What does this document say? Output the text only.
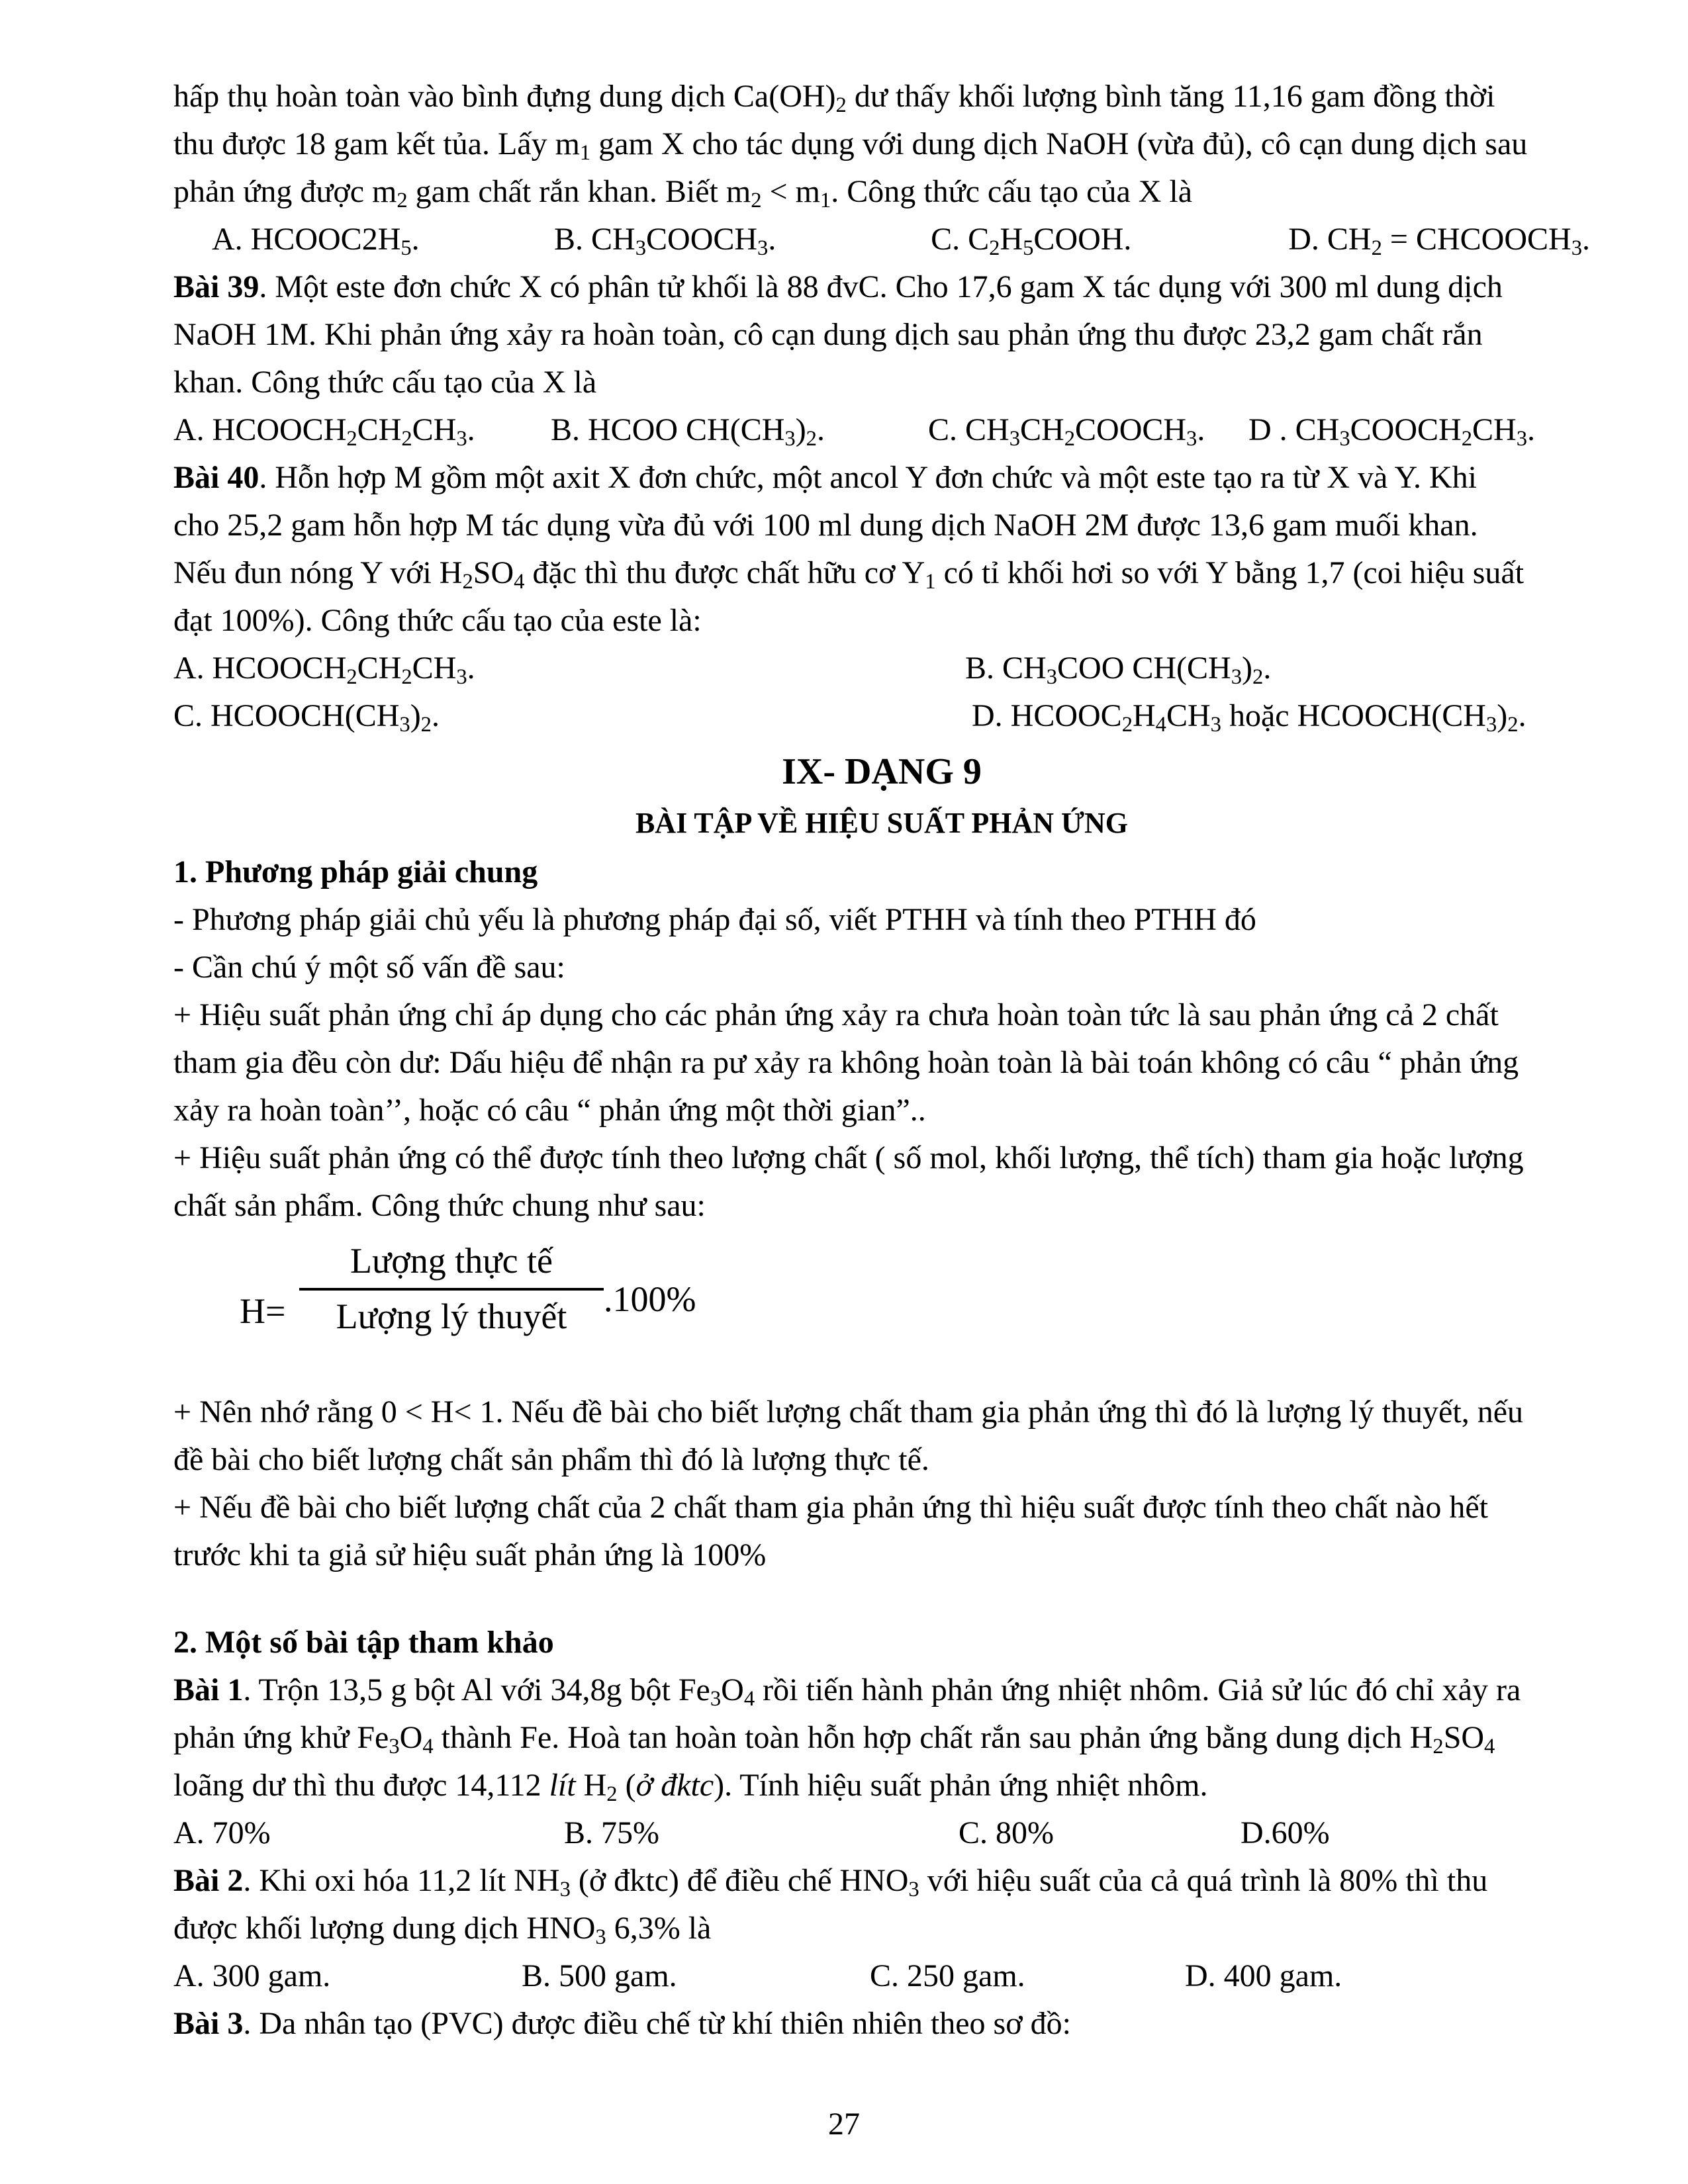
hấp thụ hoàn toàn vào bình đựng dung dịch $Ca(OH)_2$ dư thấy khối lượng bình tăng 11,16 gam đồng thời
thu được 18 gam kết tủa. Lấy $m_1$ gam X cho tác dụng với dung dịch NaOH (vừa đủ), cô cạn dung dịch sau
phản ứng được $m_2$ gam chất rắn khan. Biết $m_2 < m_1$. Công thức cấu tạo của X là
A. $HCOOC2H_5$.	B. $CH_3COOCH_3$.	C. $C_2H_5COOH$.	D. $CH_2$ = $CHCOOCH_3$.
Bài 39. Một este đơn chức X có phân tử khối là 88 đvC. Cho 17,6 gam X tác dụng với 300 ml dung dịch
NaOH 1M. Khi phản ứng xảy ra hoàn toàn, cô cạn dung dịch sau phản ứng thu được 23,2 gam chất rắn
khan. Công thức cấu tạo của X là
A. $HCOOCH_2CH_2CH_3$.	B. HCOO $CH(CH_3)_2$.	C. $CH_3CH_2COOCH_3$.	D . $CH_3COOCH_2CH_3$.
Bài 40. Hỗn hợp M gồm một axit X đơn chức, một ancol Y đơn chức và một este tạo ra từ X và Y. Khi
cho 25,2 gam hỗn hợp M tác dụng vừa đủ với 100 ml dung dịch NaOH 2M được 13,6 gam muối khan.
Nếu đun nóng Y với $H_2SO_4$ đặc thì thu được chất hữu cơ $Y_1$ có tỉ khối hơi so với Y bằng 1,7 (coi hiệu suất
đạt 100%). Công thức cấu tạo của este là:
A. $HCOOCH_2CH_2CH_3$.	B. $CH_3COO$ $CH(CH_3)_2$.
C. $HCOOCH(CH_3)_2$.	D. $HCOOC_2H_4CH_3$ hoặc $HCOOCH(CH_3)_2$.
IX- DẠNG 9
BÀI TẬP VỀ HIỆU SUẤT PHẢN ỨNG
1. Phương pháp giải chung
- Phương pháp giải chủ yếu là phương pháp đại số, viết PTHH và tính theo PTHH đó
- Cần chú ý một số vấn đề sau:
+ Hiệu suất phản ứng chỉ áp dụng cho các phản ứng xảy ra chưa hoàn toàn tức là sau phản ứng cả 2 chất
tham gia đều còn dư: Dấu hiệu để nhận ra pư xảy ra không hoàn toàn là bài toán không có câu “ phản ứng
xảy ra hoàn toàn’’, hoặc có câu “ phản ứng một thời gian”..
+ Hiệu suất phản ứng có thể được tính theo lượng chất ( số mol, khối lượng, thể tích) tham gia hoặc lượng
chất sản phẩm. Công thức chung như sau:
H=
Lượng thực tế
Lượng lý thuyết	.100%
+ Nên nhớ rằng 0 < H< 1. Nếu đề bài cho biết lượng chất tham gia phản ứng thì đó là lượng lý thuyết, nếu
đề bài cho biết lượng chất sản phẩm thì đó là lượng thực tế.
+ Nếu đề bài cho biết lượng chất của 2 chất tham gia phản ứng thì hiệu suất được tính theo chất nào hết
trước khi ta giả sử hiệu suất phản ứng là 100%
2. Một số bài tập tham khảo
Bài 1. Trộn 13,5 g bột Al với 34,8g bột $Fe_3O_4$ rồi tiến hành phản ứng nhiệt nhôm. Giả sử lúc đó chỉ xảy ra
phản ứng khử $Fe_3O_4$ thành Fe. Hoà tan hoàn toàn hỗn hợp chất rắn sau phản ứng bằng dung dịch $H_2SO_4$
loãng dư thì thu được 14,112 lít $H_2$ (ở đktc). Tính hiệu suất phản ứng nhiệt nhôm.
A. 70%	B. 75%	C. 80%	D.60%
Bài 2. Khi oxi hóa 11,2 lít $NH_3$ (ở đktc) để điều chế $HNO_3$ với hiệu suất của cả quá trình là 80% thì thu
được khối lượng dung dịch $HNO_3$ 6,3% là
A. 300 gam.	B. 500 gam.	C. 250 gam.	D. 400 gam.
Bài 3. Da nhân tạo (PVC) được điều chế từ khí thiên nhiên theo sơ đồ:
27
